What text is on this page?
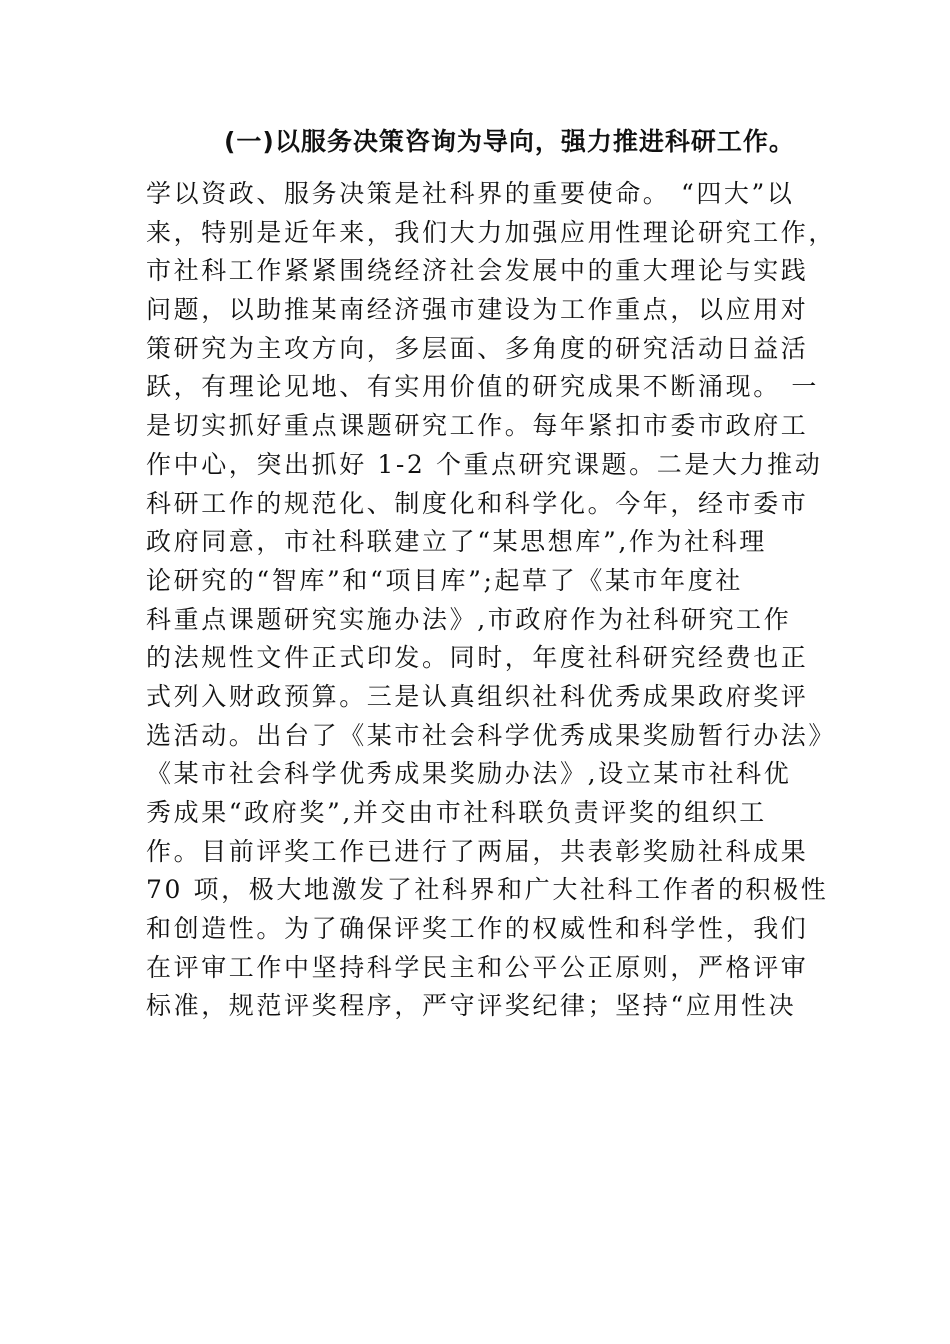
(一)以服务决策咨询为导向，强力推进科研工作。
学以资政、服务决策是社科界的重要使命。 “四大”以
来，特别是近年来，我们大力加强应用性理论研究工作，
市社科工作紧紧围绕经济社会发展中的重大理论与实践
问题，以助推某南经济强市建设为工作重点，以应用对
策研究为主攻方向，多层面、多角度的研究活动日益活
跃，有理论见地、有实用价值的研究成果不断涌现。 一
是切实抓好重点课题研究工作。每年紧扣市委市政府工
作中心，突出抓好 1-2 个重点研究课题。二是大力推动
科研工作的规范化、制度化和科学化。今年，经市委市
政府同意，市社科联建立了“某思想库”,作为社科理
论研究的“智库”和“项目库”;起草了《某市年度社
科重点课题研究实施办法》,市政府作为社科研究工作
的法规性文件正式印发。同时，年度社科研究经费也正
式列入财政预算。三是认真组织社科优秀成果政府奖评
选活动。出台了《某市社会科学优秀成果奖励暂行办法》
《某市社会科学优秀成果奖励办法》,设立某市社科优
秀成果“政府奖”,并交由市社科联负责评奖的组织工
作。目前评奖工作已进行了两届，共表彰奖励社科成果
70 项，极大地激发了社科界和广大社科工作者的积极性
和创造性。为了确保评奖工作的权威性和科学性，我们
在评审工作中坚持科学民主和公平公正原则，严格评审
标准，规范评奖程序，严守评奖纪律；坚持“应用性决
